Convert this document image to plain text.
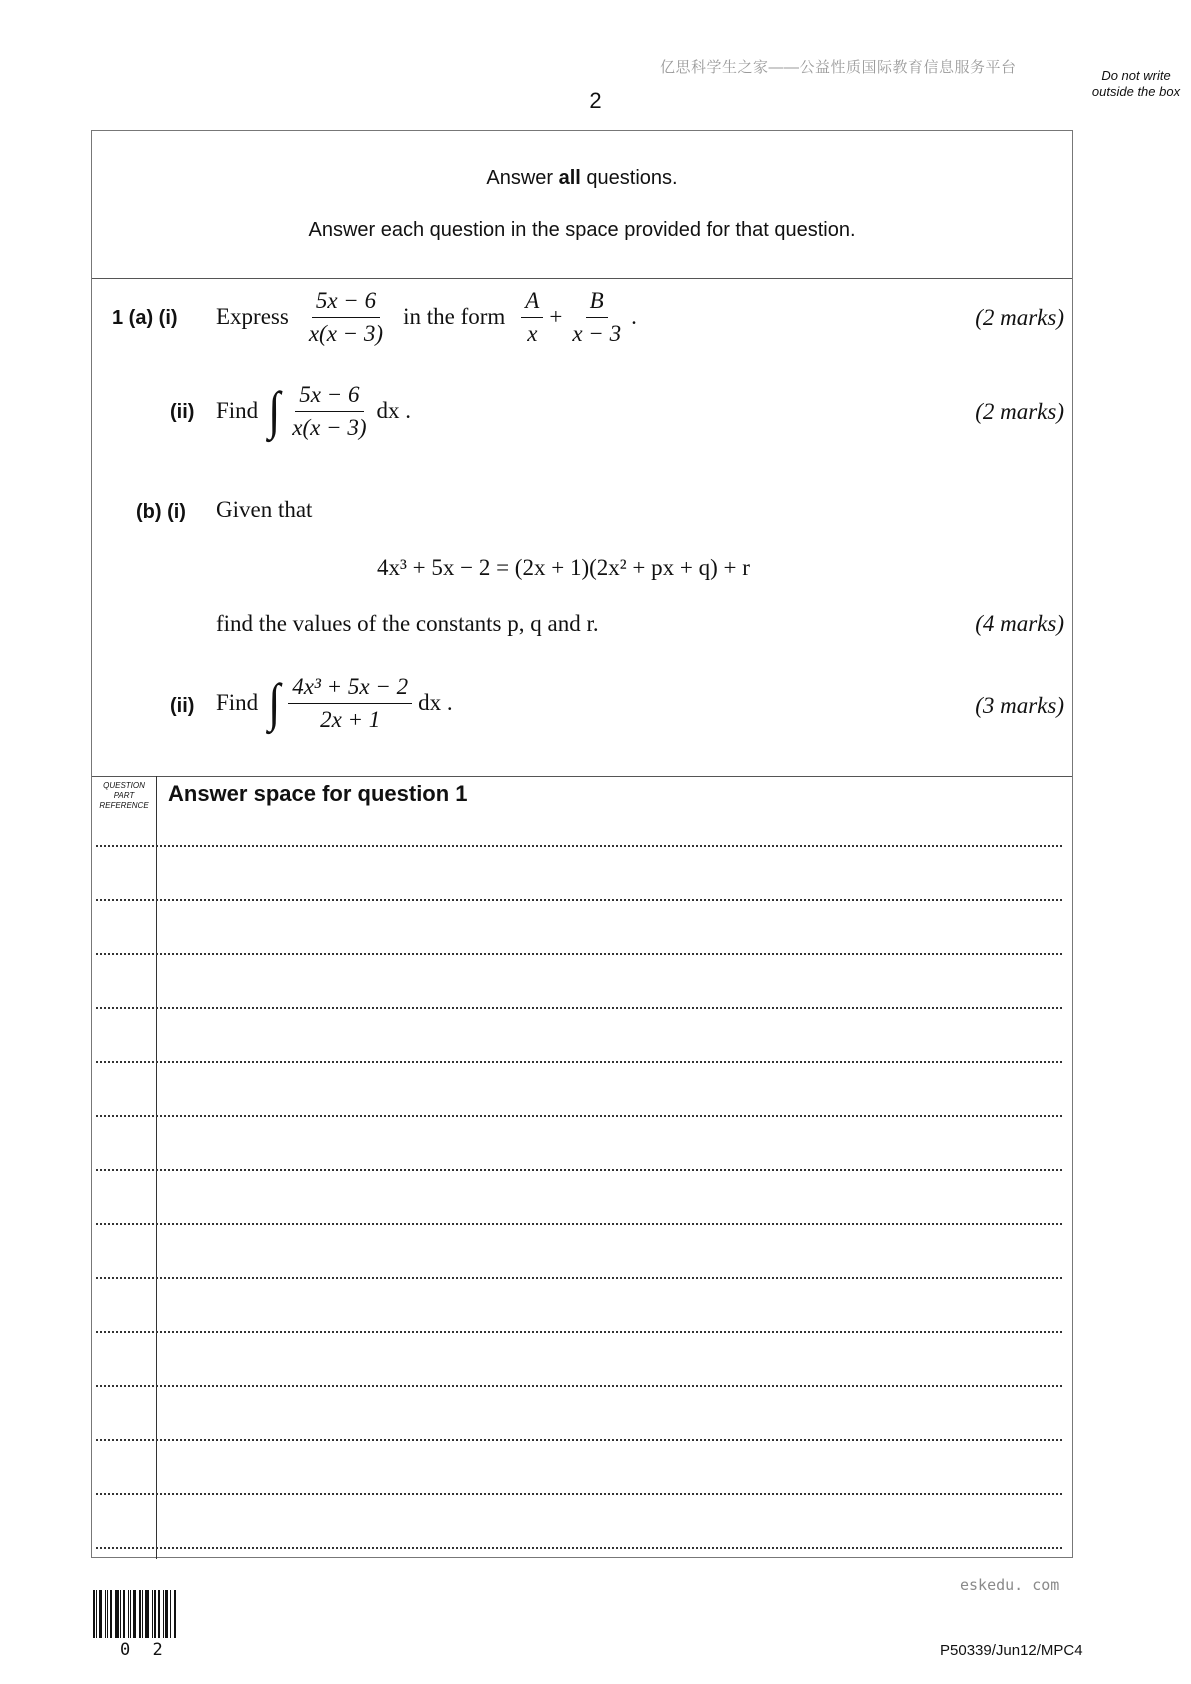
亿思科学生之家——公益性质国际教育信息服务平台
2
Do not write outside the box
Answer all questions.
Answer each question in the space provided for that question.
1 (a) (i) Express $\frac{5x - 6}{x(x - 3)}$ in the form $\frac{A}{x} + \frac{B}{x - 3}$ .	(2 marks)
(ii) Find ∫ $\frac{5x - 6}{x(x - 3)}$ dx .	(2 marks)
(b) (i) Given that
4x³ + 5x − 2 = (2x + 1)(2x² + px + q) + r
find the values of the constants p, q and r.	(4 marks)
(ii) Find ∫ $\frac{\text{4x³ + 5x − 2}}{2x + 1}$ dx .	(3 marks)
QUESTION PART REFERENCE Answer space for question 1
eskedu. com
0 2	P50339/Jun12/MPC4
